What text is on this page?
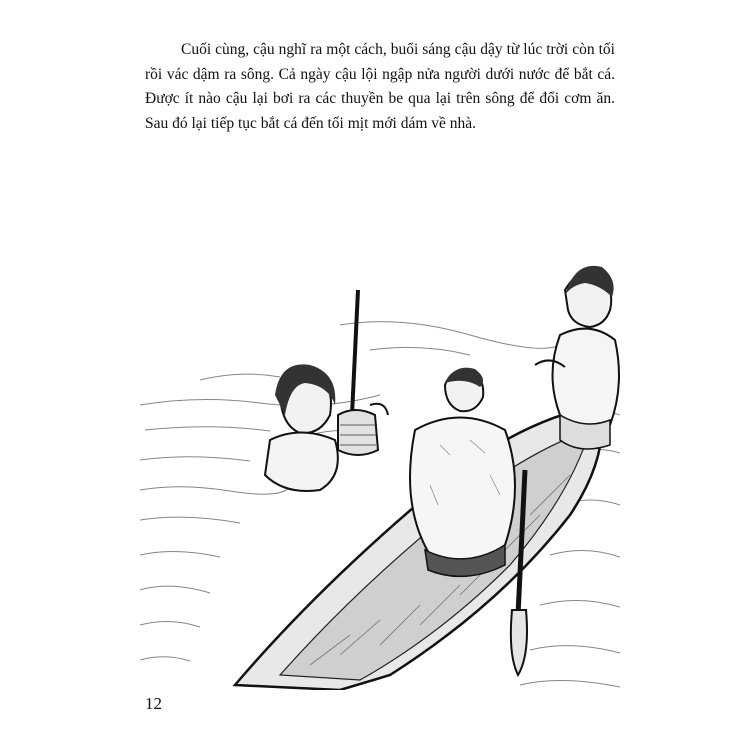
Cuối cùng, cậu nghĩ ra một cách, buổi sáng cậu dậy từ lúc trời còn tối rồi vác dậm ra sông. Cả ngày cậu lội ngập nửa người dưới nước để bắt cá. Được ít nào cậu lại bơi ra các thuyền be qua lại trên sông để đổi cơm ăn. Sau đó lại tiếp tục bắt cá đến tối mịt mới dám về nhà.

12
